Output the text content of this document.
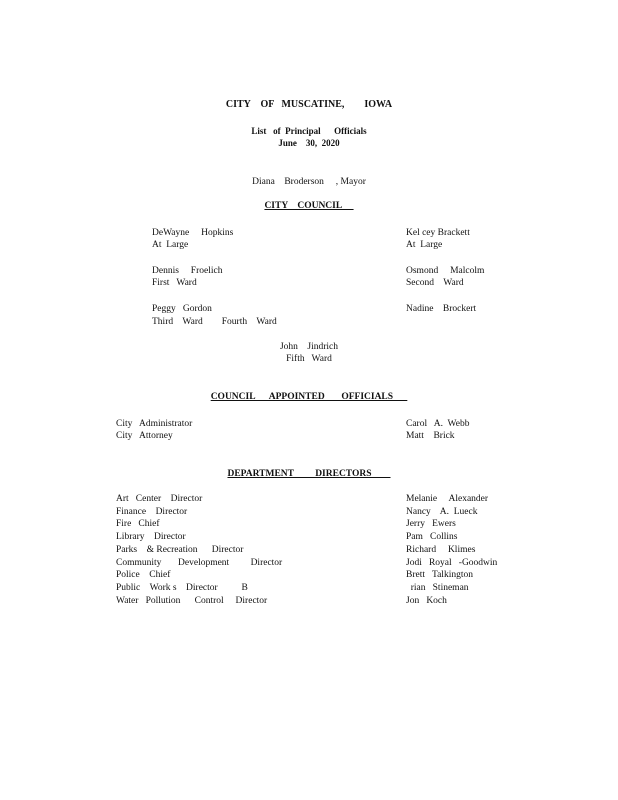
CITY    OF   MUSCATINE,        IOWA
List   of  Principal      Officials
June    30,  2020
Diana    Broderson     , Mayor
CITY    COUNCIL
DeWayne     Hopkins
At  Large
Kel cey Brackett
At  Large
Dennis     Froelich
First   Ward
Osmond     Malcolm
Second    Ward
Peggy   Gordon
Third    Ward        Fourth    Ward
Nadine    Brockert
John    Jindrich
Fifth   Ward
COUNCIL      APPOINTED       OFFICIALS
City   Administrator
City   Attorney
Carol   A.  Webb
Matt    Brick
DEPARTMENT         DIRECTORS
Art   Center    Director
Finance    Director
Fire   Chief
Library    Director
Parks    & Recreation      Director
Community       Development         Director
Police    Chief
Public    Work s    Director          B
Water   Pollution      Control     Director
Melanie     Alexander
Nancy    A.  Lueck
Jerry   Ewers
Pam   Collins
Richard     Klimes
Jodi   Royal   -Goodwin
Brett   Talkington
rian   Stineman
Jon   Koch
